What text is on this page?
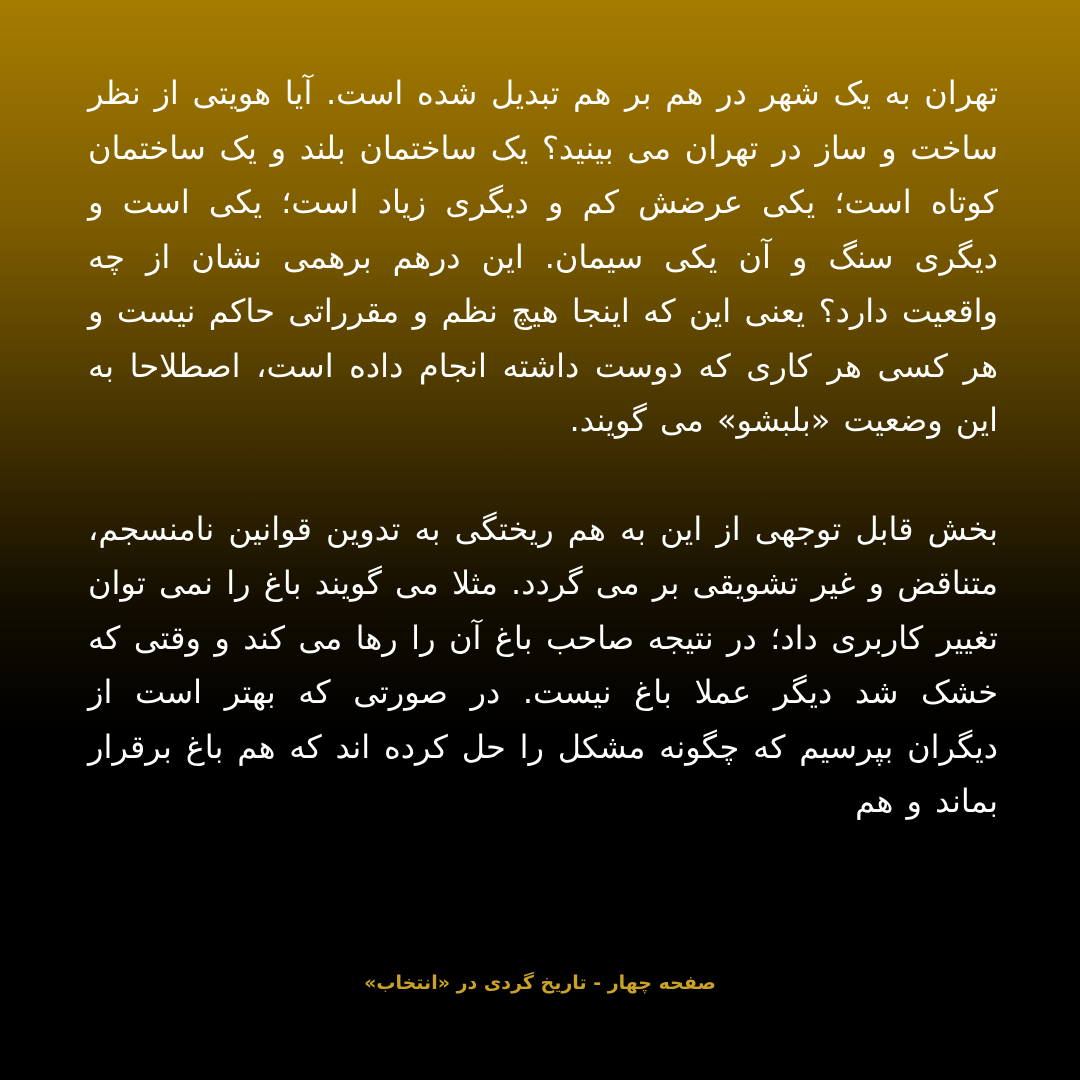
تهران به یک شهر در هم بر هم تبدیل شده است. آیا هویتی از نظر ساخت و ساز در تهران می بینید؟ یک ساختمان بلند و یک ساختمان کوتاه است؛ یکی عرضش کم و دیگری زیاد است؛ یکی است و دیگری سنگ و آن یکی سیمان. این درهم برهمی نشان از چه واقعیت دارد؟ یعنی این که اینجا هیچ نظم و مقرراتی حاکم نیست و هر کسی هر کاری که دوست داشته انجام داده است، اصطلاحا به این وضعیت «بلبشو» می گویند.

بخش قابل توجهی از این به هم ریختگی به تدوین قوانین نامنسجم، متناقض و غیر تشویقی بر می گردد. مثلا می گویند باغ را نمی توان تغییر کاربری داد؛ در نتیجه صاحب باغ آن را رها می کند و وقتی که خشک شد دیگر عملا باغ نیست. در صورتی که بهتر است از دیگران بپرسیم که چگونه مشکل را حل کرده اند که هم باغ برقرار بماند و هم

صفحه چهار - تاریخ گردی در «انتخاب»
